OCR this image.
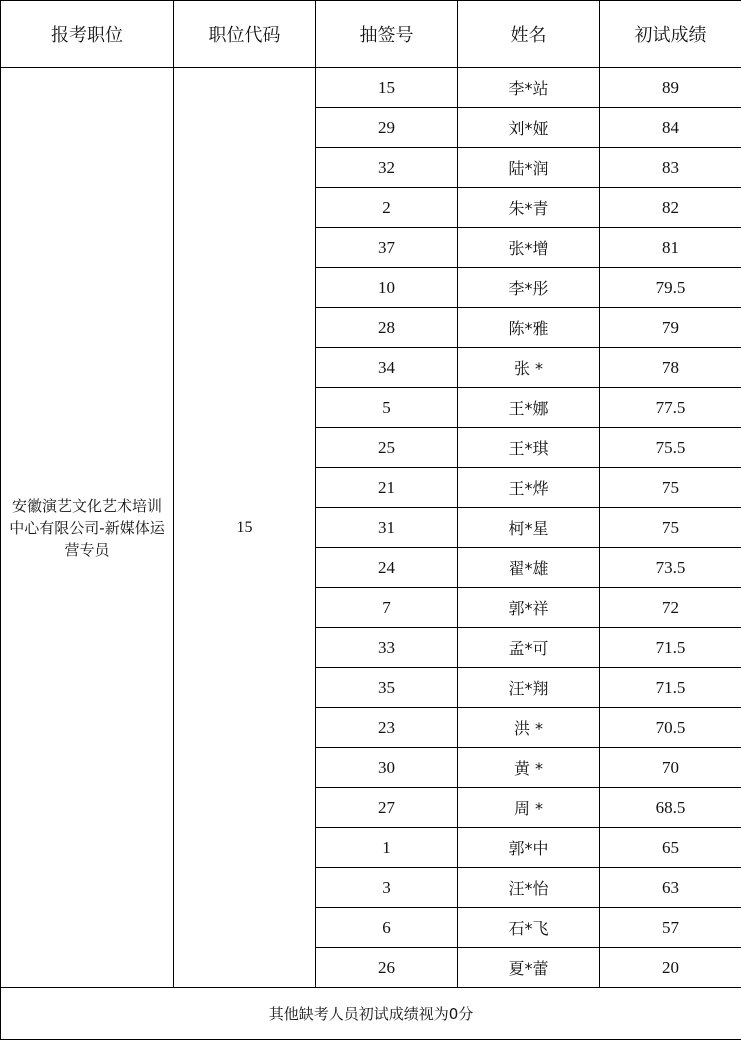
报考职位	职位代码	抽签号	姓名	初试成绩
安徽演艺文化艺术培训中心有限公司-新媒体运营专员	15	15	李*站	89
		29	刘*娅	84
		32	陆*润	83
		2	朱*青	82
		37	张*增	81
		10	李*彤	79.5
		28	陈*雅	79
		34	张 *	78
		5	王*娜	77.5
		25	王*琪	75.5
		21	王*烨	75
		31	柯*星	75
		24	翟*雄	73.5
		7	郭*祥	72
		33	孟*可	71.5
		35	汪*翔	71.5
		23	洪 *	70.5
		30	黄 *	70
		27	周 *	68.5
		1	郭*中	65
		3	汪*怡	63
		6	石*飞	57
		26	夏*蕾	20
其他缺考人员初试成绩视为0分				
